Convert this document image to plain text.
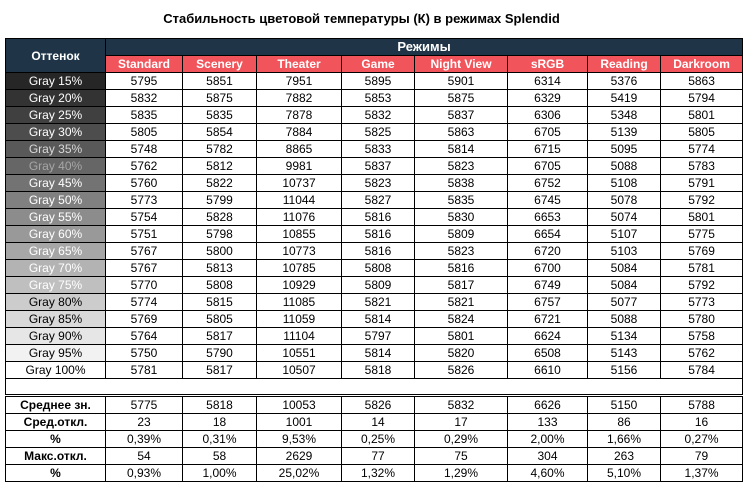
Стабильность цветовой температуры (К) в режимах Splendid
Оттенок	Режимы							
	Standard	Scenery	Theater	Game	Night View	sRGB	Reading	Darkroom
Gray 15%	5795	5851	7951	5895	5901	6314	5376	5863
Gray 20%	5832	5875	7882	5853	5875	6329	5419	5794
Gray 25%	5835	5835	7878	5832	5837	6306	5348	5801
Gray 30%	5805	5854	7884	5825	5863	6705	5139	5805
Gray 35%	5748	5782	8865	5833	5814	6715	5095	5774
Gray 40%	5762	5812	9981	5837	5823	6705	5088	5783
Gray 45%	5760	5822	10737	5823	5838	6752	5108	5791
Gray 50%	5773	5799	11044	5827	5835	6745	5078	5792
Gray 55%	5754	5828	11076	5816	5830	6653	5074	5801
Gray 60%	5751	5798	10855	5816	5809	6654	5107	5775
Gray 65%	5767	5800	10773	5816	5823	6720	5103	5769
Gray 70%	5767	5813	10785	5808	5816	6700	5084	5781
Gray 75%	5770	5808	10929	5809	5817	6749	5084	5792
Gray 80%	5774	5815	11085	5821	5821	6757	5077	5773
Gray 85%	5769	5805	11059	5814	5824	6721	5088	5780
Gray 90%	5764	5817	11104	5797	5801	6624	5134	5758
Gray 95%	5750	5790	10551	5814	5820	6508	5143	5762
Gray 100%	5781	5817	10507	5818	5826	6610	5156	5784

Среднее зн.	5775	5818	10053	5826	5832	6626	5150	5788
Сред.откл.	23	18	1001	14	17	133	86	16
%	0,39%	0,31%	9,53%	0,25%	0,29%	2,00%	1,66%	0,27%
Макс.откл.	54	58	2629	77	75	304	263	79
%	0,93%	1,00%	25,02%	1,32%	1,29%	4,60%	5,10%	1,37%
